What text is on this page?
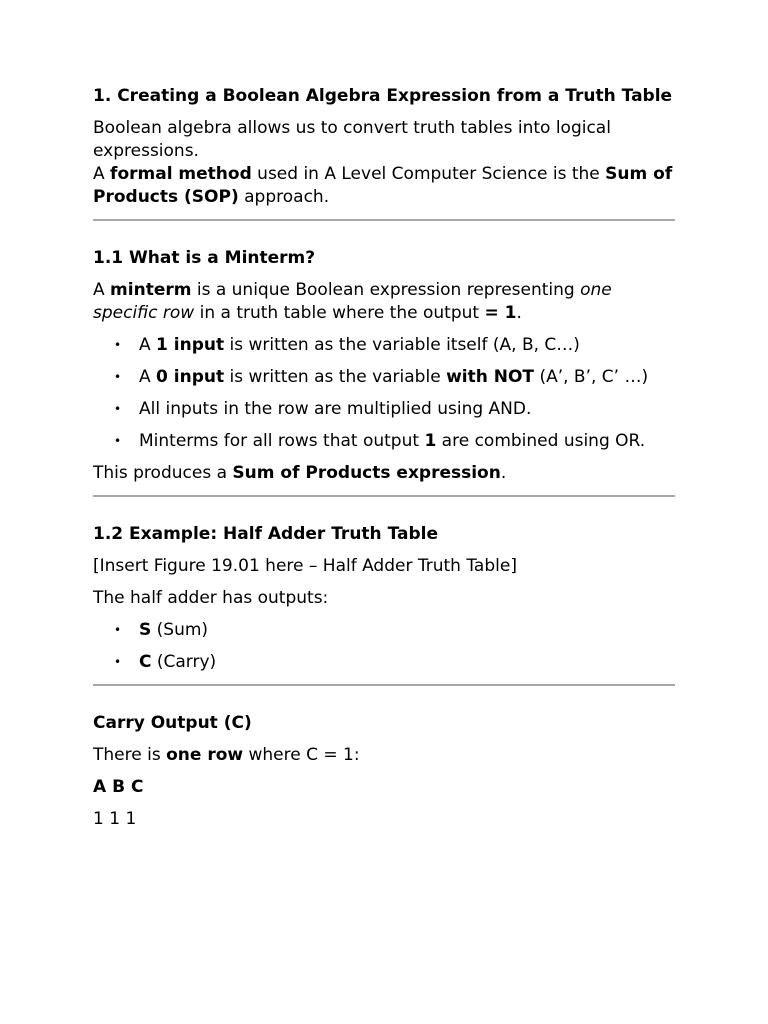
1. Creating a Boolean Algebra Expression from a Truth Table

Boolean algebra allows us to convert truth tables into logical expressions.

A formal method used in A Level Computer Science is the Sum of Products (SOP) approach.

1.1 What is a Minterm?

A minterm is a unique Boolean expression representing one specific row in a truth table where the output = 1.

• A 1 input is written as the variable itself (A, B, C…)
• A 0 input is written as the variable with NOT (A’, B’, C’ …)
• All inputs in the row are multiplied using AND.
• Minterms for all rows that output 1 are combined using OR.

This produces a Sum of Products expression.

1.2 Example: Half Adder Truth Table

[Insert Figure 19.01 here – Half Adder Truth Table]

The half adder has outputs:

• S (Sum)
• C (Carry)
Carry Output (C)

There is one row where C = 1:

A B C

1 1 1
